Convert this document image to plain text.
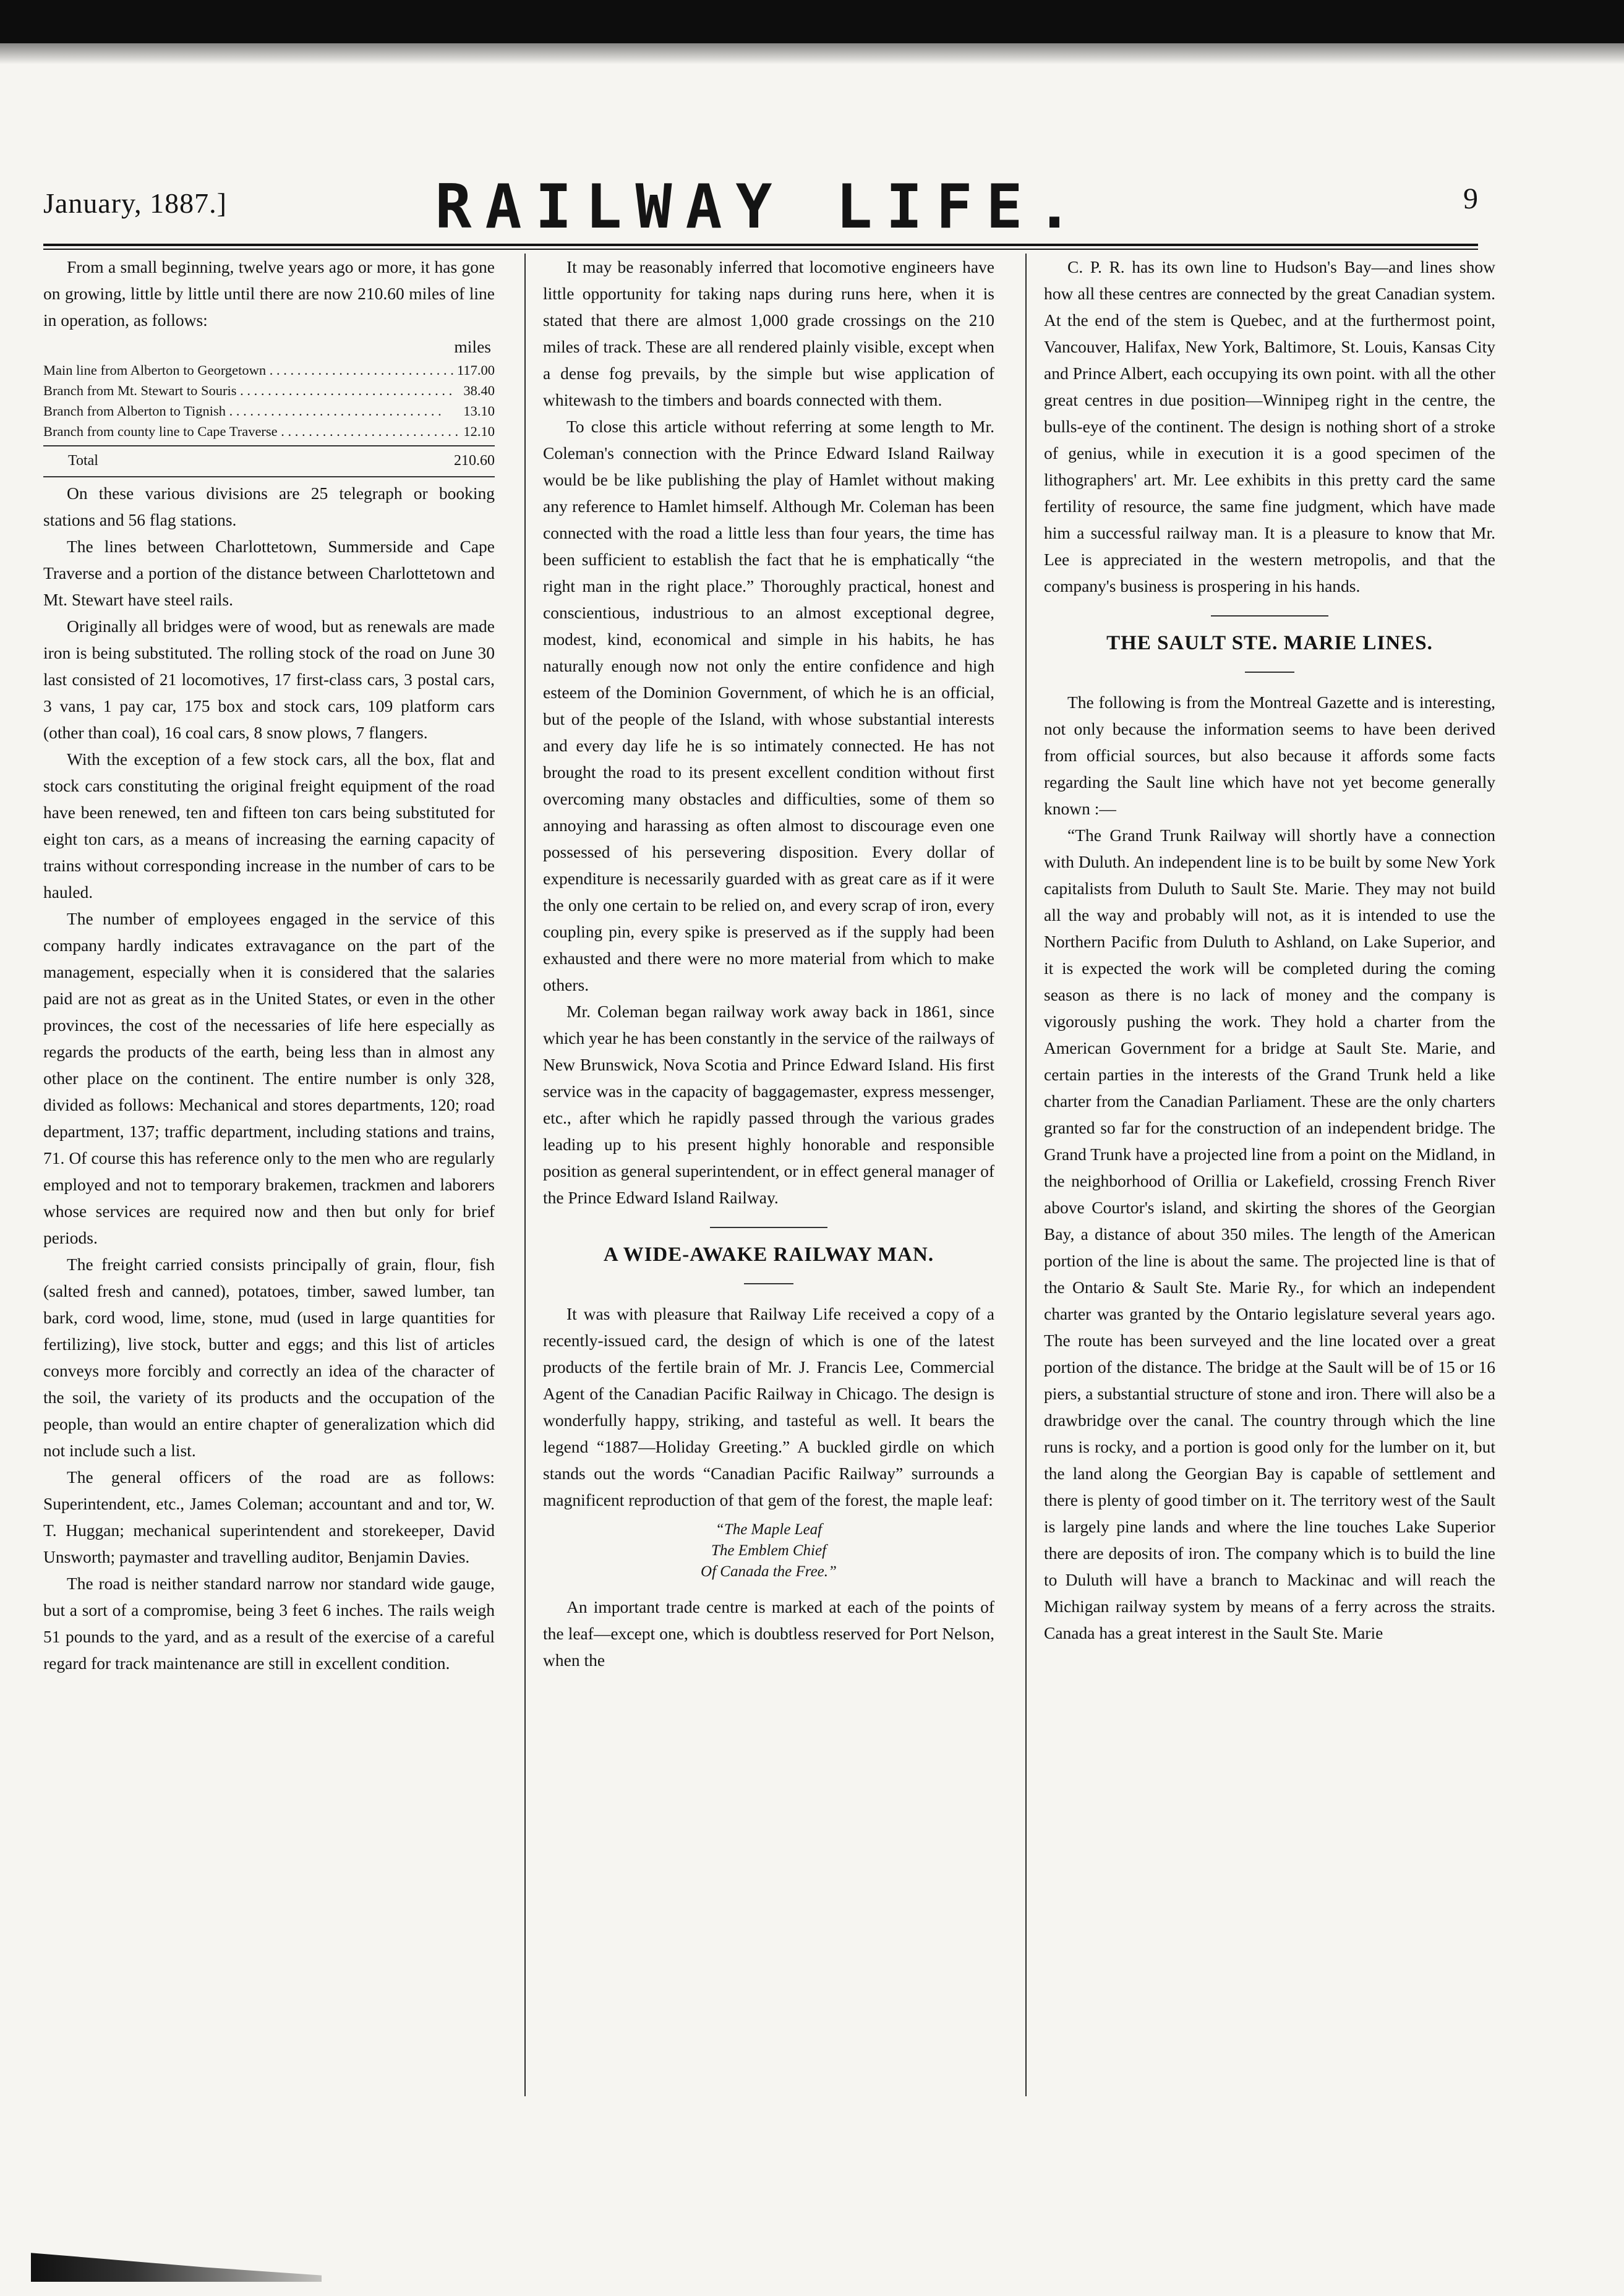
January, 1887.]	RAILWAY LIFE.	9

From a small beginning, twelve years ago or more, it has gone on growing, little by little until there are now 210.60 miles of line in operation, as follows:

miles
Main line from Alberton to Georgetown . . .	117.00
Branch from Mt. Stewart to Souris . . .	38.40
Branch from Alberton to Tignish . . .	13.10
Branch from county line to Cape Traverse . . .	12.10
Total	210.60

On these various divisions are 25 telegraph or booking stations and 56 flag stations.

The lines between Charlottetown, Summerside and Cape Traverse and a portion of the distance between Charlottetown and Mt. Stewart have steel rails.

Originally all bridges were of wood, but as renewals are made iron is being substituted. The rolling stock of the road on June 30 last consisted of 21 locomotives, 17 first-class cars, 3 postal cars, 3 vans, 1 pay car, 175 box and stock cars, 109 platform cars (other than coal), 16 coal cars, 8 snow plows, 7 flangers.

With the exception of a few stock cars, all the box, flat and stock cars constituting the original freight equipment of the road have been renewed, ten and fifteen ton cars being substituted for eight ton cars, as a means of increasing the earning capacity of trains without corresponding increase in the number of cars to be hauled.

The number of employees engaged in the service of this company hardly indicates extravagance on the part of the management, especially when it is considered that the salaries paid are not as great as in the United States, or even in the other provinces, the cost of the necessaries of life here especially as regards the products of the earth, being less than in almost any other place on the continent. The entire number is only 328, divided as follows: Mechanical and stores departments, 120; road department, 137; traffic department, including stations and trains, 71. Of course this has reference only to the men who are regularly employed and not to temporary brakemen, trackmen and laborers whose services are required now and then but only for brief periods.

The freight carried consists principally of grain, flour, fish (salted fresh and canned), potatoes, timber, sawed lumber, tan bark, cord wood, lime, stone, mud (used in large quantities for fertilizing), live stock, butter and eggs; and this list of articles conveys more forcibly and correctly an idea of the character of the soil, the variety of its products and the occupation of the people, than would an entire chapter of generalization which did not include such a list.

The general officers of the road are as follows: Superintendent, etc., James Coleman; accountant and and tor, W. T. Huggan; mechanical superintendent and storekeeper, David Unsworth; paymaster and travelling auditor, Benjamin Davies.

The road is neither standard narrow nor standard wide gauge, but a sort of a compromise, being 3 feet 6 inches. The rails weigh 51 pounds to the yard, and as a result of the exercise of a careful regard for track maintenance are still in excellent condition.

It may be reasonably inferred that locomotive engineers have little opportunity for taking naps during runs here, when it is stated that there are almost 1,000 grade crossings on the 210 miles of track. These are all rendered plainly visible, except when a dense fog prevails, by the simple but wise application of whitewash to the timbers and boards connected with them.

To close this article without referring at some length to Mr. Coleman's connection with the Prince Edward Island Railway would be be like publishing the play of Hamlet without making any reference to Hamlet himself. Although Mr. Coleman has been connected with the road a little less than four years, the time has been sufficient to establish the fact that he is emphatically “the right man in the right place.” Thoroughly practical, honest and conscientious, industrious to an almost exceptional degree, modest, kind, economical and simple in his habits, he has naturally enough now not only the entire confidence and high esteem of the Dominion Government, of which he is an official, but of the people of the Island, with whose substantial interests and every day life he is so intimately connected. He has not brought the road to its present excellent condition without first overcoming many obstacles and difficulties, some of them so annoying and harassing as often almost to discourage even one possessed of his persevering disposition. Every dollar of expenditure is necessarily guarded with as great care as if it were the only one certain to be relied on, and every scrap of iron, every coupling pin, every spike is preserved as if the supply had been exhausted and there were no more material from which to make others.

Mr. Coleman began railway work away back in 1861, since which year he has been constantly in the service of the railways of New Brunswick, Nova Scotia and Prince Edward Island. His first service was in the capacity of baggagemaster, express messenger, etc., after which he rapidly passed through the various grades leading up to his present highly honorable and responsible position as general superintendent, or in effect general manager of the Prince Edward Island Railway.

A WIDE-AWAKE RAILWAY MAN.

It was with pleasure that Railway Life received a copy of a recently-issued card, the design of which is one of the latest products of the fertile brain of Mr. J. Francis Lee, Commercial Agent of the Canadian Pacific Railway in Chicago. The design is wonderfully happy, striking, and tasteful as well. It bears the legend “1887—Holiday Greeting.” A buckled girdle on which stands out the words “Canadian Pacific Railway” surrounds a magnificent reproduction of that gem of the forest, the maple leaf:

“The Maple Leaf
The Emblem Chief
Of Canada the Free.”

An important trade centre is marked at each of the points of the leaf—except one, which is doubtless reserved for Port Nelson, when the

C. P. R. has its own line to Hudson's Bay—and lines show how all these centres are connected by the great Canadian system. At the end of the stem is Quebec, and at the furthermost point, Vancouver, Halifax, New York, Baltimore, St. Louis, Kansas City and Prince Albert, each occupying its own point. with all the other great centres in due position—Winnipeg right in the centre, the bulls-eye of the continent. The design is nothing short of a stroke of genius, while in execution it is a good specimen of the lithographers' art. Mr. Lee exhibits in this pretty card the same fertility of resource, the same fine judgment, which have made him a successful railway man. It is a pleasure to know that Mr. Lee is appreciated in the western metropolis, and that the company's business is prospering in his hands.

THE SAULT STE. MARIE LINES.

The following is from the Montreal Gazette and is interesting, not only because the information seems to have been derived from official sources, but also because it affords some facts regarding the Sault line which have not yet become generally known :—

“The Grand Trunk Railway will shortly have a connection with Duluth. An independent line is to be built by some New York capitalists from Duluth to Sault Ste. Marie. They may not build all the way and probably will not, as it is intended to use the Northern Pacific from Duluth to Ashland, on Lake Superior, and it is expected the work will be completed during the coming season as there is no lack of money and the company is vigorously pushing the work. They hold a charter from the American Government for a bridge at Sault Ste. Marie, and certain parties in the interests of the Grand Trunk held a like charter from the Canadian Parliament. These are the only charters granted so far for the construction of an independent bridge. The Grand Trunk have a projected line from a point on the Midland, in the neighborhood of Orillia or Lakefield, crossing French River above Courtor's island, and skirting the shores of the Georgian Bay, a distance of about 350 miles. The length of the American portion of the line is about the same. The projected line is that of the Ontario & Sault Ste. Marie Ry., for which an independent charter was granted by the Ontario legislature several years ago. The route has been surveyed and the line located over a great portion of the distance. The bridge at the Sault will be of 15 or 16 piers, a substantial structure of stone and iron. There will also be a drawbridge over the canal. The country through which the line runs is rocky, and a portion is good only for the lumber on it, but the land along the Georgian Bay is capable of settlement and there is plenty of good timber on it. The territory west of the Sault is largely pine lands and where the line touches Lake Superior there are deposits of iron. The company which is to build the line to Duluth will have a branch to Mackinac and will reach the Michigan railway system by means of a ferry across the straits. Canada has a great interest in the Sault Ste. Marie
